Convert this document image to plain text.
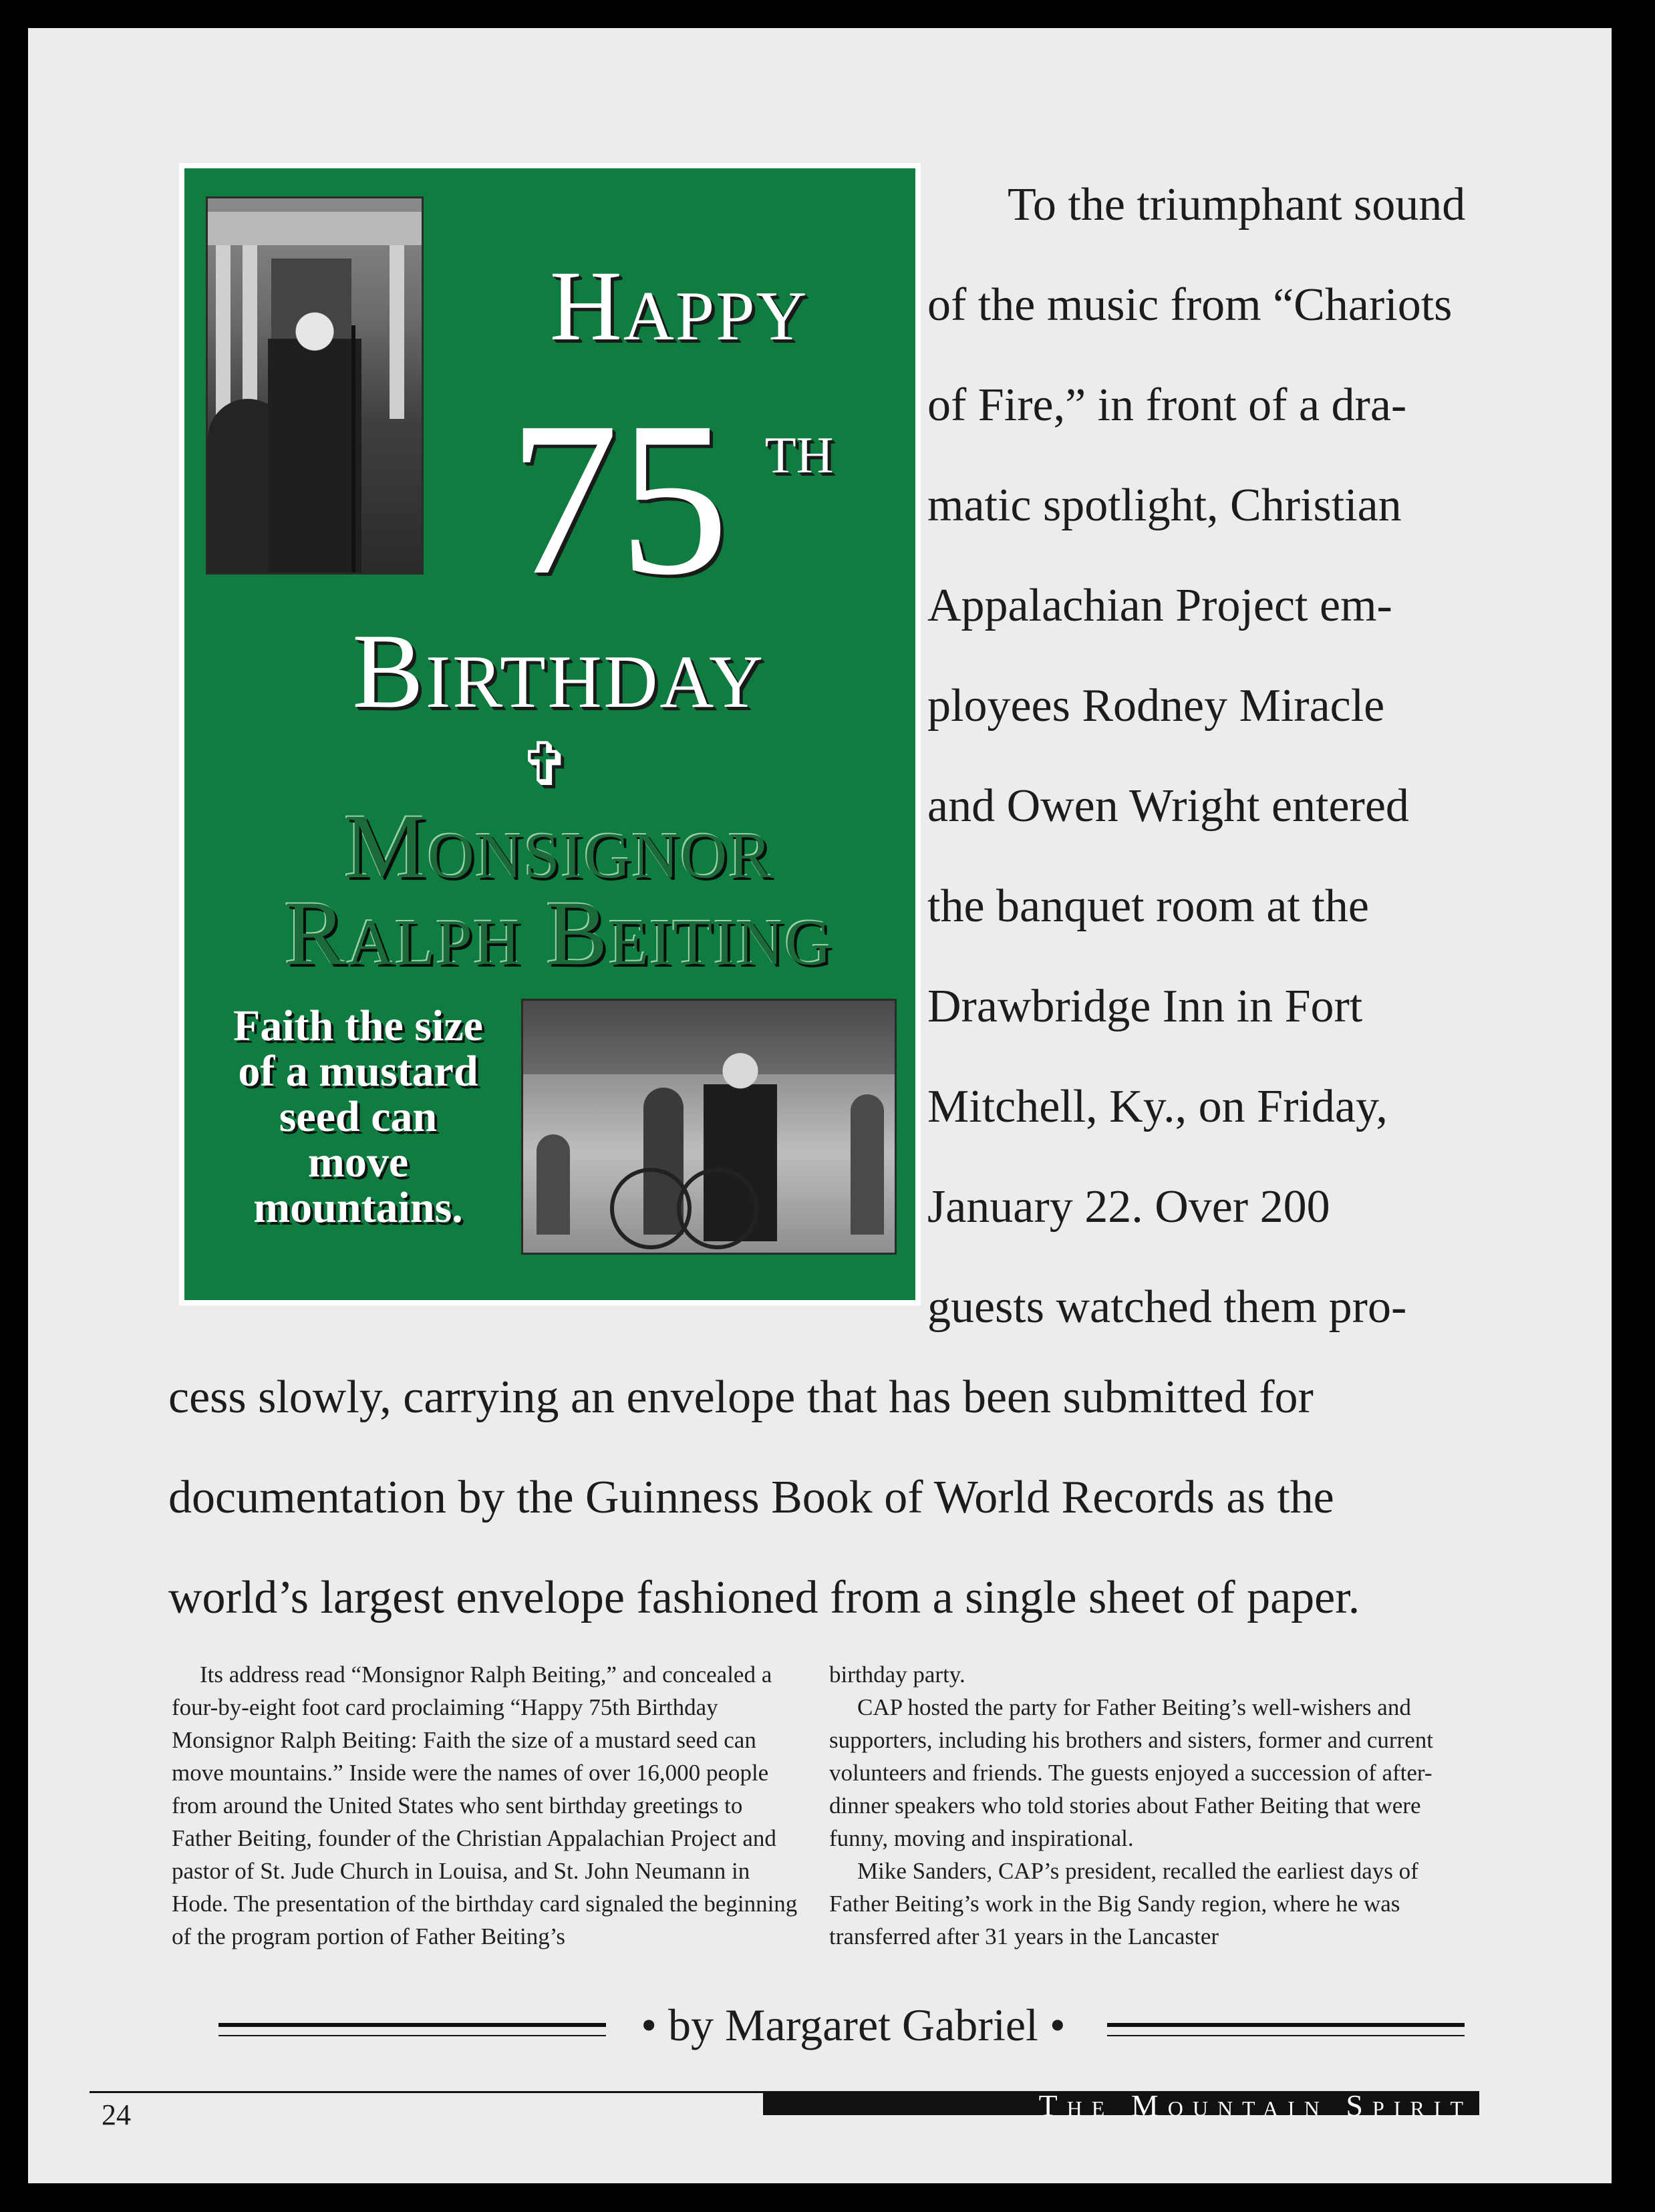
Happy
75 th
Birthday
✞
Monsignor
Ralph Beiting
Faith the size
of a mustard
seed can
move
mountains.
To the triumphant sound
of the music from “Chariots
of Fire,” in front of a dra-
matic spotlight, Christian
Appalachian Project em-
ployees Rodney Miracle
and Owen Wright entered
the banquet room at the
Drawbridge Inn in Fort
Mitchell, Ky., on Friday,
January 22. Over 200
guests watched them pro-
cess slowly, carrying an envelope that has been submitted for
documentation by the Guinness Book of World Records as the
world’s largest envelope fashioned from a single sheet of paper.

Its address read “Monsignor Ralph Beiting,” and concealed a four-by-eight foot card proclaiming “Happy 75th Birthday Monsignor Ralph Beiting: Faith the size of a mustard seed can move mountains.” Inside were the names of over 16,000 people from around the United States who sent birthday greetings to Father Beiting, founder of the Christian Appalachian Project and pastor of St. Jude Church in Louisa, and St. John Neumann in Hode. The presentation of the birthday card signaled the beginning of the program portion of Father Beiting’s

birthday party.

CAP hosted the party for Father Beiting’s well-wishers and supporters, including his brothers and sisters, former and current volunteers and friends. The guests enjoyed a succession of after-dinner speakers who told stories about Father Beiting that were funny, moving and inspirational.

Mike Sanders, CAP’s president, recalled the earliest days of Father Beiting’s work in the Big Sandy region, where he was transferred after 31 years in the Lancaster

• by Margaret Gabriel •
24	The Mountain Spirit
